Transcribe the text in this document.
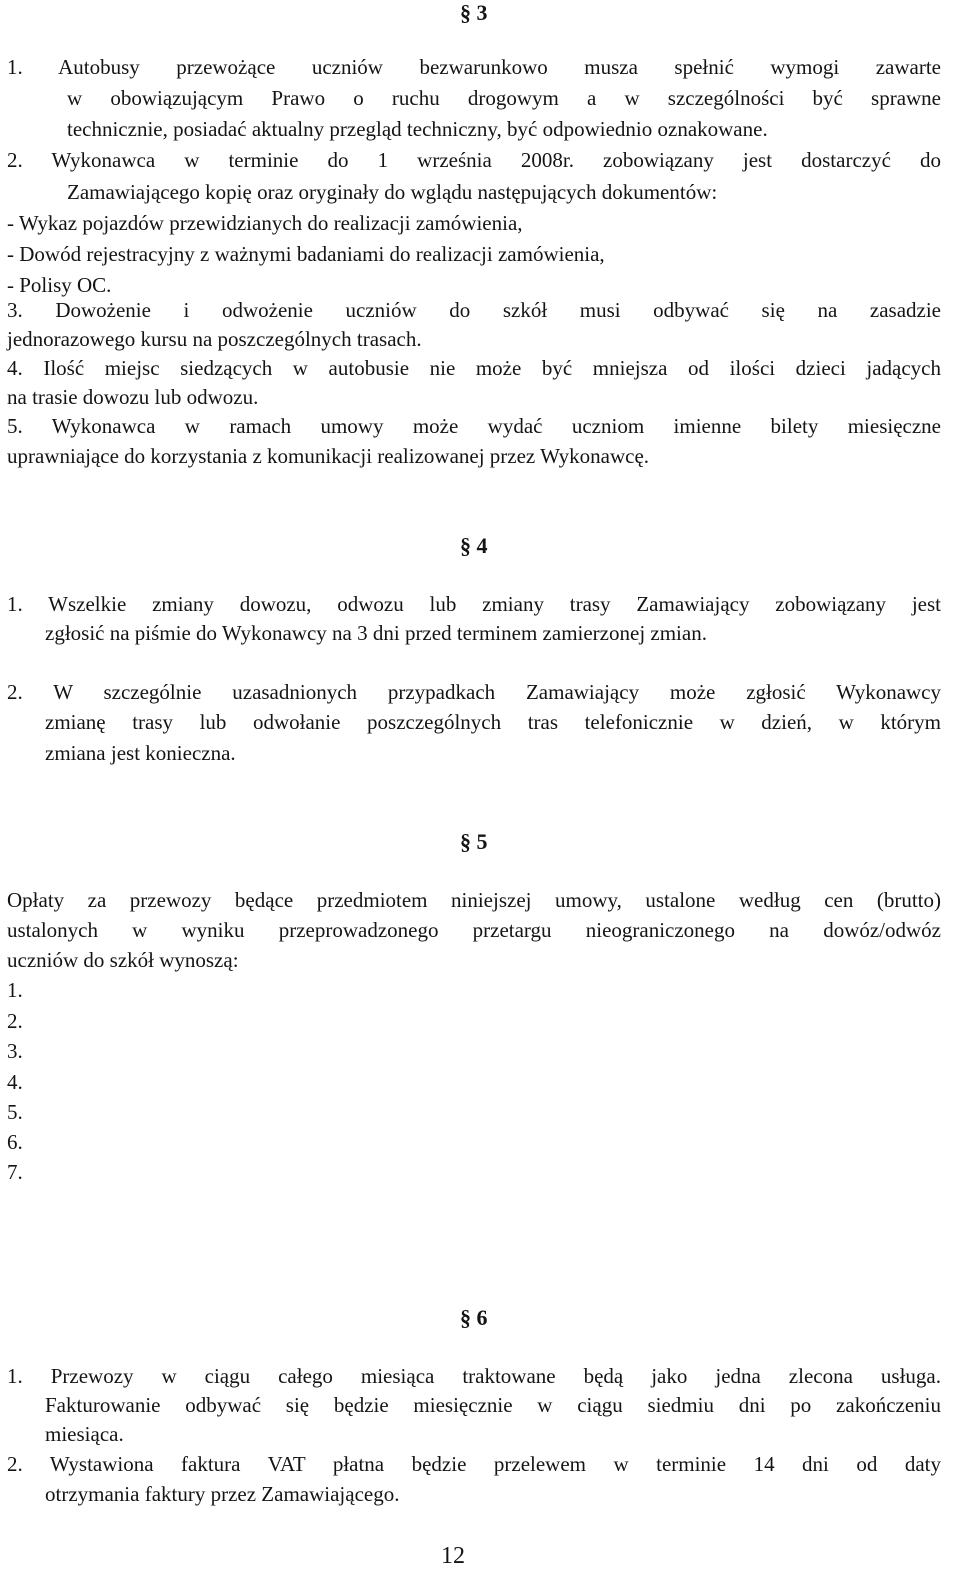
§ 3
1. Autobusy przewożące uczniów bezwarunkowo musza spełnić wymogi zawarte
w obowiązującym Prawo o ruchu drogowym a w szczególności być sprawne
technicznie, posiadać aktualny przegląd techniczny, być odpowiednio oznakowane.
2. Wykonawca w terminie do 1 września 2008r. zobowiązany jest dostarczyć do
Zamawiającego kopię oraz oryginały do wglądu następujących dokumentów:
- Wykaz pojazdów przewidzianych do realizacji zamówienia,
- Dowód rejestracyjny z ważnymi badaniami do realizacji zamówienia,
- Polisy OC.
3. Dowożenie i odwożenie uczniów do szkół musi odbywać się na zasadzie
jednorazowego kursu na poszczególnych trasach.
4. Ilość miejsc siedzących w autobusie nie może być mniejsza od ilości dzieci jadących
na trasie dowozu lub odwozu.
5. Wykonawca w ramach umowy może wydać uczniom imienne bilety miesięczne
uprawniające do korzystania z komunikacji realizowanej przez Wykonawcę.
§ 4
1. Wszelkie zmiany dowozu, odwozu lub zmiany trasy Zamawiający zobowiązany jest
zgłosić na piśmie do Wykonawcy na 3 dni przed terminem zamierzonej zmian.
2. W szczególnie uzasadnionych przypadkach Zamawiający może zgłosić Wykonawcy
zmianę trasy lub odwołanie poszczególnych tras telefonicznie w dzień, w którym
zmiana jest konieczna.
§ 5
Opłaty za przewozy będące przedmiotem niniejszej umowy, ustalone według cen (brutto)
ustalonych w wyniku przeprowadzonego przetargu nieograniczonego na dowóz/odwóz
uczniów do szkół wynoszą:
1.
2.
3.
4.
5.
6.
7.
§ 6
1. Przewozy w ciągu całego miesiąca traktowane będą jako jedna zlecona usługa.
Fakturowanie odbywać się będzie miesięcznie w ciągu siedmiu dni po zakończeniu
miesiąca.
2. Wystawiona faktura VAT płatna będzie przelewem w terminie 14 dni od daty
otrzymania faktury przez Zamawiającego.
12
